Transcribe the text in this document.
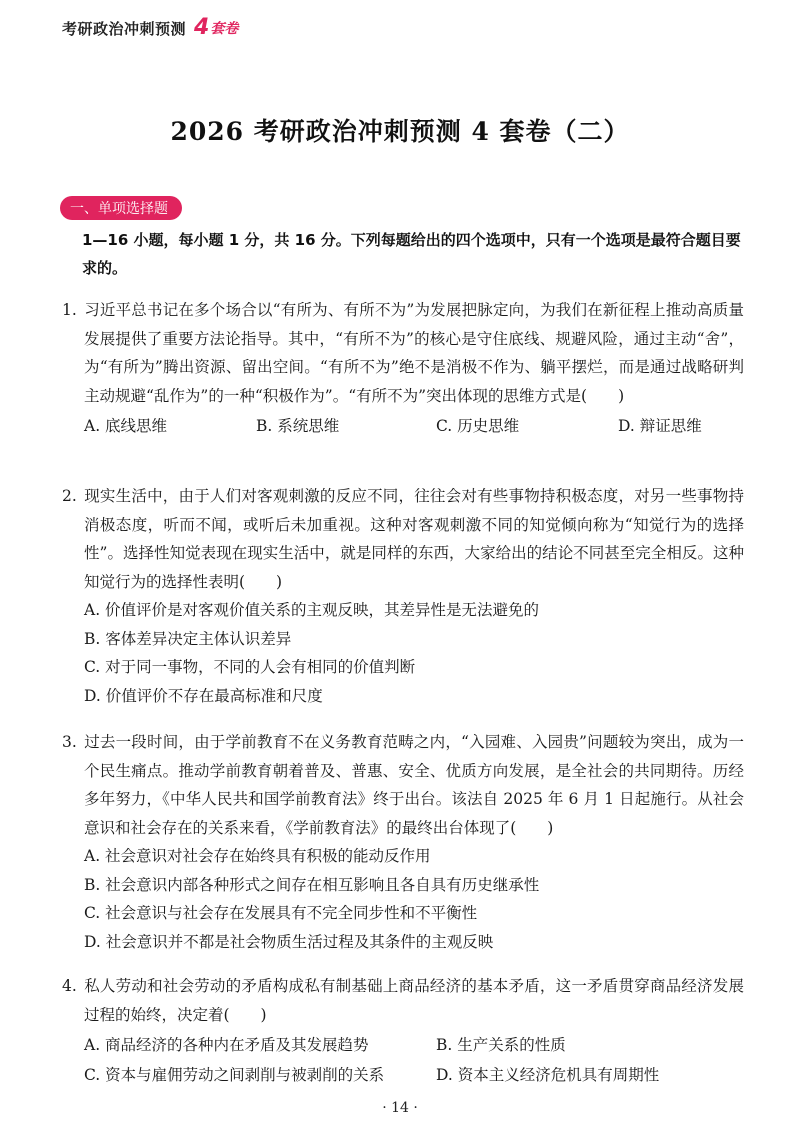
考研政治冲刺预测 4 套卷
2026 考研政治冲刺预测 4 套卷（二）
一、单项选择题
1—16 小题，每小题 1 分，共 16 分。下列每题给出的四个选项中，只有一个选项是最符合题目要求的。
1. 习近平总书记在多个场合以“有所为、有所不为”为发展把脉定向，为我们在新征程上推动高质量发展提供了重要方法论指导。其中，“有所不为”的核心是守住底线、规避风险，通过主动“舍”，为“有所为”腾出资源、留出空间。“有所不为”绝不是消极不作为、躺平摆烂，而是通过战略研判主动规避“乱作为”的一种“积极作为”。“有所不为”突出体现的思维方式是(　　)
A. 底线思维	B. 系统思维	C. 历史思维	D. 辩证思维
2. 现实生活中，由于人们对客观刺激的反应不同，往往会对有些事物持积极态度，对另一些事物持消极态度，听而不闻，或听后未加重视。这种对客观刺激不同的知觉倾向称为“知觉行为的选择性”。选择性知觉表现在现实生活中，就是同样的东西，大家给出的结论不同甚至完全相反。这种知觉行为的选择性表明(　　)
A. 价值评价是对客观价值关系的主观反映，其差异性是无法避免的
B. 客体差异决定主体认识差异
C. 对于同一事物，不同的人会有相同的价值判断
D. 价值评价不存在最高标准和尺度
3. 过去一段时间，由于学前教育不在义务教育范畴之内，“入园难、入园贵”问题较为突出，成为一个民生痛点。推动学前教育朝着普及、普惠、安全、优质方向发展，是全社会的共同期待。历经多年努力，《中华人民共和国学前教育法》终于出台。该法自 2025 年 6 月 1 日起施行。从社会意识和社会存在的关系来看，《学前教育法》的最终出台体现了(　　)
A. 社会意识对社会存在始终具有积极的能动反作用
B. 社会意识内部各种形式之间存在相互影响且各自具有历史继承性
C. 社会意识与社会存在发展具有不完全同步性和不平衡性
D. 社会意识并不都是社会物质生活过程及其条件的主观反映
4. 私人劳动和社会劳动的矛盾构成私有制基础上商品经济的基本矛盾，这一矛盾贯穿商品经济发展过程的始终，决定着(　　)
A. 商品经济的各种内在矛盾及其发展趋势	B. 生产关系的性质
C. 资本与雇佣劳动之间剥削与被剥削的关系	D. 资本主义经济危机具有周期性
· 14 ·
